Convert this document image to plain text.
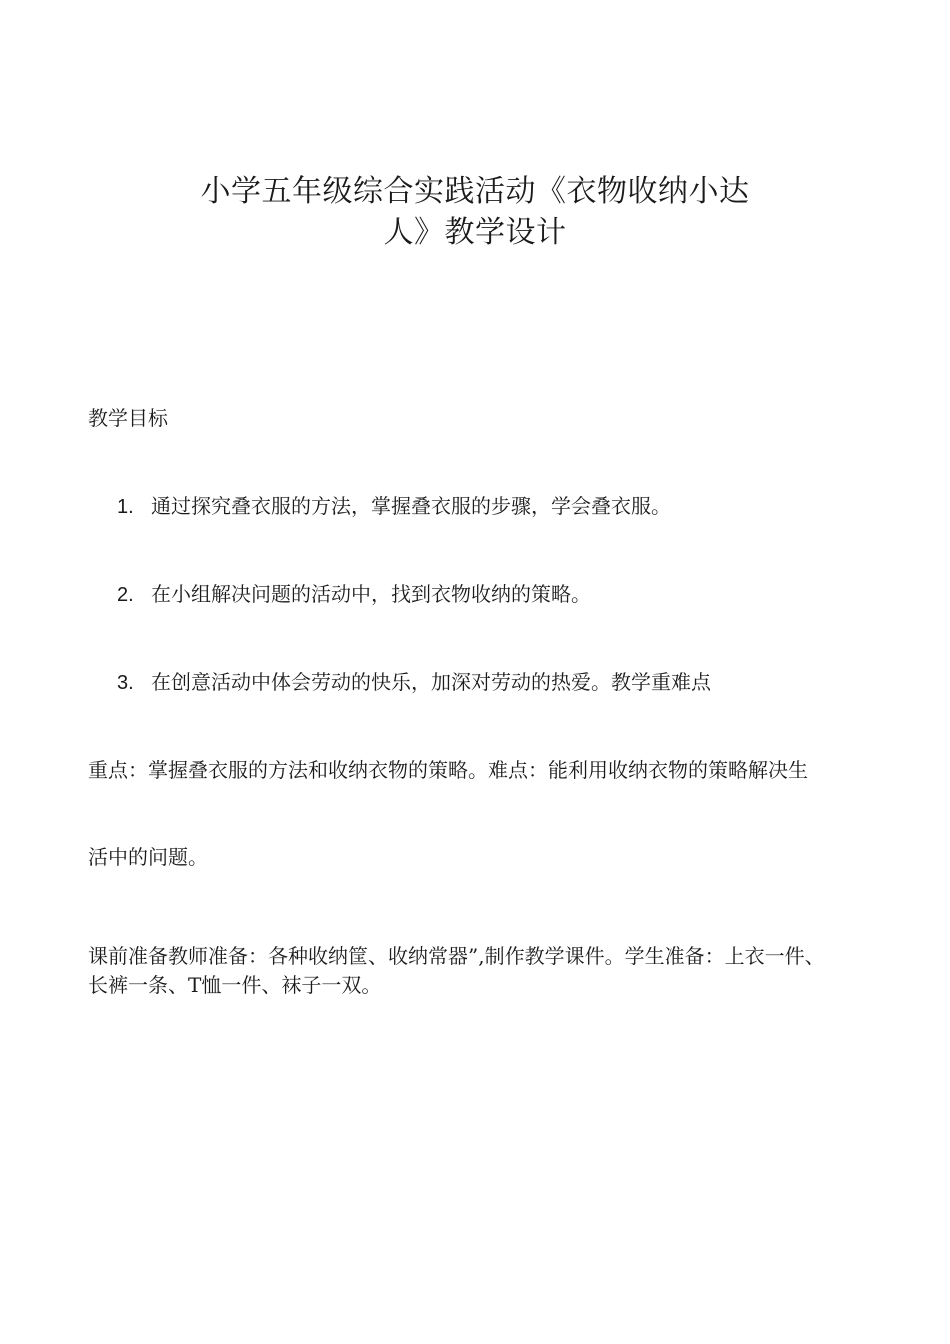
小学五年级综合实践活动《衣物收纳小达
人》教学设计
教学目标
1. 通过探究叠衣服的方法，掌握叠衣服的步骤，学会叠衣服。
2. 在小组解决问题的活动中，找到衣物收纳的策略。
3. 在创意活动中体会劳动的快乐，加深对劳动的热爱。教学重难点
重点：掌握叠衣服的方法和收纳衣物的策略。难点：能利用收纳衣物的策略解决生
活中的问题。
课前准备教师准备：各种收纳筐、收纳常器”,制作教学课件。学生准备：上衣一件、
长裤一条、T恤一件、袜子一双。
